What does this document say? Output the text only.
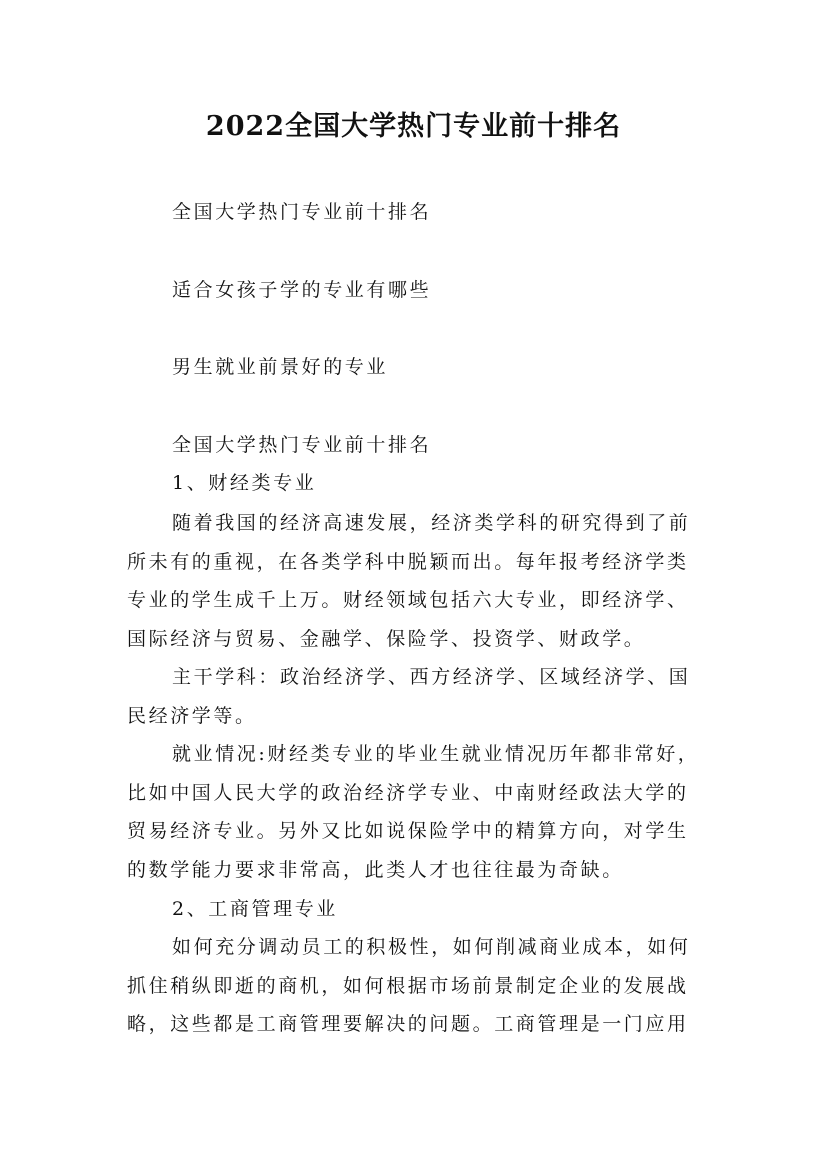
2022全国大学热门专业前十排名

全国大学热门专业前十排名

适合女孩子学的专业有哪些

男生就业前景好的专业

全国大学热门专业前十排名

1、财经类专业

随着我国的经济高速发展，经济类学科的研究得到了前

所未有的重视，在各类学科中脱颖而出。每年报考经济学类

专业的学生成千上万。财经领域包括六大专业，即经济学、

国际经济与贸易、金融学、保险学、投资学、财政学。

主干学科：政治经济学、西方经济学、区域经济学、国

民经济学等。

就业情况:财经类专业的毕业生就业情况历年都非常好，

比如中国人民大学的政治经济学专业、中南财经政法大学的

贸易经济专业。另外又比如说保险学中的精算方向，对学生

的数学能力要求非常高，此类人才也往往最为奇缺。

2、工商管理专业

如何充分调动员工的积极性，如何削减商业成本，如何

抓住稍纵即逝的商机，如何根据市场前景制定企业的发展战

略，这些都是工商管理要解决的问题。工商管理是一门应用
